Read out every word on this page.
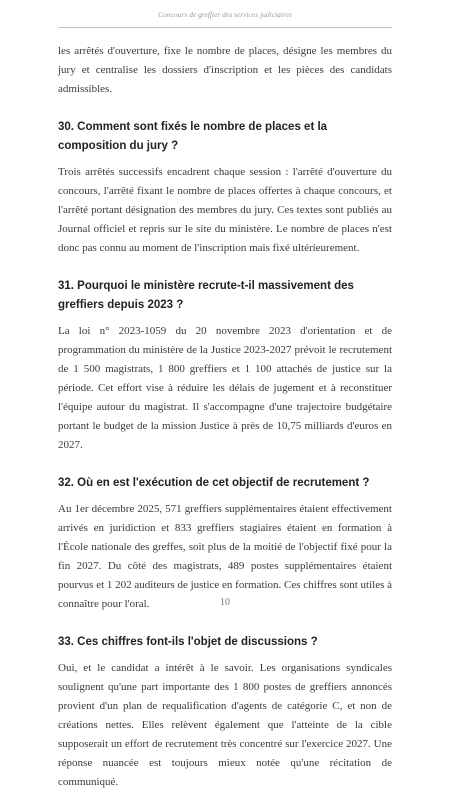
Concours de greffier des services judiciaires

les arrêtés d'ouverture, fixe le nombre de places, désigne les membres du jury et centralise les dossiers d'inscription et les pièces des candidats admissibles.

30. Comment sont fixés le nombre de places et la composition du jury ?

Trois arrêtés successifs encadrent chaque session : l'arrêté d'ouverture du concours, l'arrêté fixant le nombre de places offertes à chaque concours, et l'arrêté portant désignation des membres du jury. Ces textes sont publiés au Journal officiel et repris sur le site du ministère. Le nombre de places n'est donc pas connu au moment de l'inscription mais fixé ultérieurement.

31. Pourquoi le ministère recrute-t-il massivement des greffiers depuis 2023 ?

La loi n° 2023-1059 du 20 novembre 2023 d'orientation et de programmation du ministère de la Justice 2023-2027 prévoit le recrutement de 1 500 magistrats, 1 800 greffiers et 1 100 attachés de justice sur la période. Cet effort vise à réduire les délais de jugement et à reconstituer l'équipe autour du magistrat. Il s'accompagne d'une trajectoire budgétaire portant le budget de la mission Justice à près de 10,75 milliards d'euros en 2027.

32. Où en est l'exécution de cet objectif de recrutement ?

Au 1er décembre 2025, 571 greffiers supplémentaires étaient effectivement arrivés en juridiction et 833 greffiers stagiaires étaient en formation à l'École nationale des greffes, soit plus de la moitié de l'objectif fixé pour la fin 2027. Du côté des magistrats, 489 postes supplémentaires étaient pourvus et 1 202 auditeurs de justice en formation. Ces chiffres sont utiles à connaître pour l'oral.

33. Ces chiffres font-ils l'objet de discussions ?

Oui, et le candidat a intérêt à le savoir. Les organisations syndicales soulignent qu'une part importante des 1 800 postes de greffiers annoncés provient d'un plan de requalification d'agents de catégorie C, et non de créations nettes. Elles relèvent également que l'atteinte de la cible supposerait un effort de recrutement très concentré sur l'exercice 2027. Une réponse nuancée est toujours mieux notée qu'une récitation de communiqué.

10
